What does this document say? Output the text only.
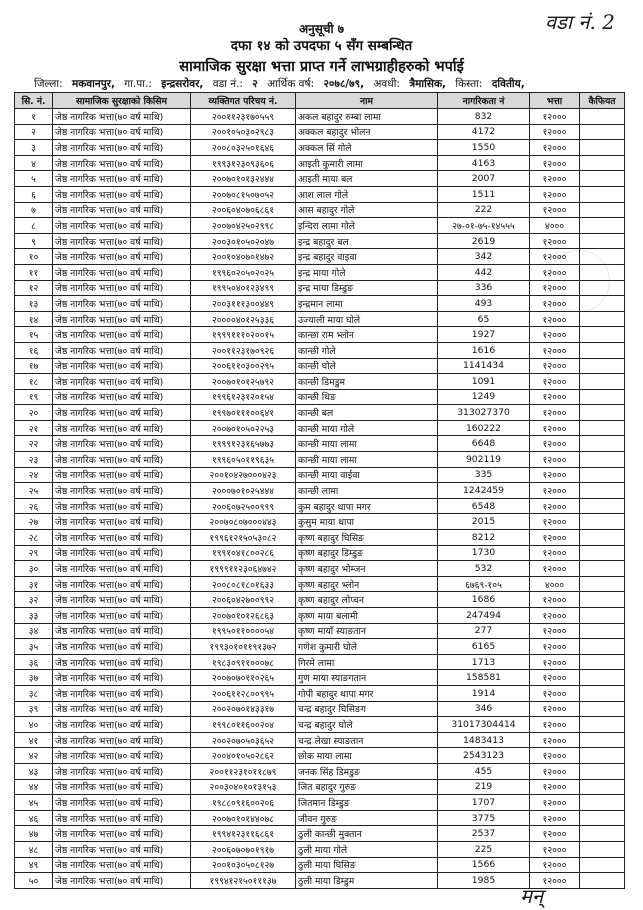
वडा नं. 2
अनुसूची ७
दफा १४ को उपदफा ५ सँग सम्बन्धित
सामाजिक सुरक्षा भत्ता प्राप्त गर्ने लाभग्राहीहरुको भर्पाई
जिल्ला: मकवानपुर, गा.पा.: इन्द्रसरोवर, वडा नं.: २ आर्थिक वर्ष: २०७८/७९, अवधी: त्रैमासिक, किस्ता: दवितीय,
सि. नं.	सामाजिक सुरक्षाको किसिम	व्यक्तिगत परिचय नं.	नाम	नागरिकता नं	भत्ता	कैफियत
१	जेष्ठ नागरिक भत्ता(७० वर्ष माथि)	२००११२३१७०५५९	अकल बहादुर रुम्बा लामा	832	१२०००	
२	जेष्ठ नागरिक भत्ता(७० वर्ष माथि)	२००१०५०३०२९८३	अक्कल बहादुर भोलन	4172	१२०००	
३	जेष्ठ नागरिक भत्ता(७० वर्ष माथि)	२००८०३२५०१६४६	अक्कल सिं गोले	1550	१२०००	
४	जेष्ठ नागरिक भत्ता(७० वर्ष माथि)	१९९३१२३०९३६०६	आइती कुमारी लामा	4163	१२०००	
५	जेष्ठ नागरिक भत्ता(७० वर्ष माथि)	२००७०१०१३२४४४	आइती माया बल	2007	१२०००	
६	जेष्ठ नागरिक भत्ता(७० वर्ष माथि)	२००७०८१५०७०५२	आश लाल गोले	1511	१२०००	
७	जेष्ठ नागरिक भत्ता(७० वर्ष माथि)	२००६०४०७०६८६१	आस बहादुर गोले	222	१२०००	
८	जेष्ठ नागरिक भत्ता(७० वर्ष माथि)	२००७०४२५०२९९८	इन्दिरा लामा गोले	२७-०१-७५-१४५५५	४०००	
९	जेष्ठ नागरिक भत्ता(७० वर्ष माथि)	२००३०१०५०२०४७	इन्द्र बहादुर बल	2619	१२०००	
१०	जेष्ठ नागरिक भत्ता(७० वर्ष माथि)	२००१०४०७०१४७२	इन्द्र बहादुर वाइवा	342	१२०००	
११	जेष्ठ नागरिक भत्ता(७० वर्ष माथि)	१९९६०२०५०२०२५	इन्द्र माया गोले	442	१२०००	
१२	जेष्ठ नागरिक भत्ता(७० वर्ष माथि)	१९९५०४०१२३४९९	इन्द्र माया डिम्डुङ	336	१२०००	
१३	जेष्ठ नागरिक भत्ता(७० वर्ष माथि)	२००३१११३००४४९	इन्द्रमान लामा	493	१२०००	
१४	जेष्ठ नागरिक भत्ता(७० वर्ष माथि)	२००००४०१२५३३६	उज्याली माया घोले	65	१२०००	
१५	जेष्ठ नागरिक भत्ता(७० वर्ष माथि)	१९९९१११०२००१५	कान्छा राम भ्लोन	1927	१२०००	
१६	जेष्ठ नागरिक भत्ता(७० वर्ष माथि)	२००११२३१७०९२६	कान्छी गोले	1616	१२०००	
१७	जेष्ठ नागरिक भत्ता(७० वर्ष माथि)	२००६११०३००२९५	कान्छी घोले	1141434	१२०००	
१८	जेष्ठ नागरिक भत्ता(७० वर्ष माथि)	२००७०१०१२५७९२	कान्छी डिमडुम	1091	१२०००	
१९	जेष्ठ नागरिक भत्ता(७० वर्ष माथि)	१९९६१२३१२०१५४	कान्छी थिङ	1249	१२०००	
२०	जेष्ठ नागरिक भत्ता(७० वर्ष माथि)	१९९७०१११००६४१	कान्छी बल	313027370	१२०००	
२१	जेष्ठ नागरिक भत्ता(७० वर्ष माथि)	२००७०१०५०२२५३	कान्छी माया गोले	160222	१२०००	
२२	जेष्ठ नागरिक भत्ता(७० वर्ष माथि)	१९९९१२३१६५७७३	कान्छी माया लामा	6648	१२०००	
२३	जेष्ठ नागरिक भत्ता(७० वर्ष माथि)	१९९६०५०११९६३५	कान्छी माया लामा	902119	१२०००	
२४	जेष्ठ नागरिक भत्ता(७० वर्ष माथि)	२००१०४२७०००४२३	कान्छी माया वाईवा	335	१२०००	
२५	जेष्ठ नागरिक भत्ता(७० वर्ष माथि)	२०००७०१०२५४४४	कान्छी लामा	1242459	१२०००	
२६	जेष्ठ नागरिक भत्ता(७० वर्ष माथि)	२००६०७२५००९९९	कुम बहादुर थापा मगर	6548	१२०००	
२७	जेष्ठ नागरिक भत्ता(७० वर्ष माथि)	२००७०८०७०००४४३	कुसुम माया थापा	2015	१२०००	
२८	जेष्ठ नागरिक भत्ता(७० वर्ष माथि)	१९९६१२१५०५३०८२	कृष्ण बहादुर घिसिङ	8212	१२०००	
२९	जेष्ठ नागरिक भत्ता(७० वर्ष माथि)	१९९१०४१८००२८६	कृष्ण बहादुर डिम्डुङ	1730	१२०००	
३०	जेष्ठ नागरिक भत्ता(७० वर्ष माथि)	१९९९११२३०६४७४२	कृष्ण बहादुर भोम्जन	532	१२०००	
३१	जेष्ठ नागरिक भत्ता(७० वर्ष माथि)	२००८०८१८०१६३३	कृष्ण बहादुर भ्लोन	६७६९-१०५	४०००	
३२	जेष्ठ नागरिक भत्ता(७० वर्ष माथि)	२००६०४२७००९९२	कृष्ण बहादुर लोप्चन	1686	१२०००	
३३	जेष्ठ नागरिक भत्ता(७० वर्ष माथि)	२००७०१०१२६८६३	कृष्ण माया बलामी	247494	१२०००	
३४	जेष्ठ नागरिक भत्ता(७० वर्ष माथि)	१९९५०११००००५४	कृष्ण मायाँ स्याङतान	277	१२०००	
३५	जेष्ठ नागरिक भत्ता(७० वर्ष माथि)	१९९३०१०११९१३७२	गणेश कुमारी घोले	6165	१२०००	
३६	जेष्ठ नागरिक भत्ता(७० वर्ष माथि)	१९८३०९११०००७८	गिरमे लामा	1713	१२०००	
३७	जेष्ठ नागरिक भत्ता(७० वर्ष माथि)	२००७०७०११०२६५	गुण माया स्याङगतान	158581	१२०००	
३८	जेष्ठ नागरिक भत्ता(७० वर्ष माथि)	२००६११२८००९९५	गोपी बहादुर थापा मगर	1914	१२०००	
३९	जेष्ठ नागरिक भत्ता(७० वर्ष माथि)	२००२०७०१४३३१७	चन्द्र बहादुर घिसिङग	346	१२०००	
४०	जेष्ठ नागरिक भत्ता(७० वर्ष माथि)	१९९८०११६००२०४	चन्द्र बहादुर घोले	31017304414	१२०००	
४१	जेष्ठ नागरिक भत्ता(७० वर्ष माथि)	२००२०७०५०३६५२	चन्द्र लेखा स्याङतान	1483413	१२०००	
४२	जेष्ठ नागरिक भत्ता(७० वर्ष माथि)	२००४०१०५०२८६२	छोक माया लामा	2543123	१२०००	
४३	जेष्ठ नागरिक भत्ता(७० वर्ष माथि)	२००११२३१०११८७९	जनक सिंह डिमडुङ	455	१२०००	
४४	जेष्ठ नागरिक भत्ता(७० वर्ष माथि)	२००३०४०१०१३१५३	जित बहादुर गुरुङ	219	१२०००	
४५	जेष्ठ नागरिक भत्ता(७० वर्ष माथि)	१९८८०९१६००२०६	जितमान डिम्डुङ	1707	१२०००	
४६	जेष्ठ नागरिक भत्ता(७० वर्ष माथि)	२००७०१०१४४०७८	जीवन गुरुङ	3775	१२०००	
४७	जेष्ठ नागरिक भत्ता(७० वर्ष माथि)	१९९४१२३११६८६१	ठुली कान्छी मुक्तान	2537	१२०००	
४८	जेष्ठ नागरिक भत्ता(७० वर्ष माथि)	२००६०७०७०१९१७	ठुली माया गोले	225	१२०००	
४९	जेष्ठ नागरिक भत्ता(७० वर्ष माथि)	२००१०३०५०८१२७	ठुली माया घिसिङ	1566	१२०००	
५०	जेष्ठ नागरिक भत्ता(७० वर्ष माथि)	१९९४१२१५०१११३७	ठुली माया डिम्डुम	1985	१२०००	
मन्
